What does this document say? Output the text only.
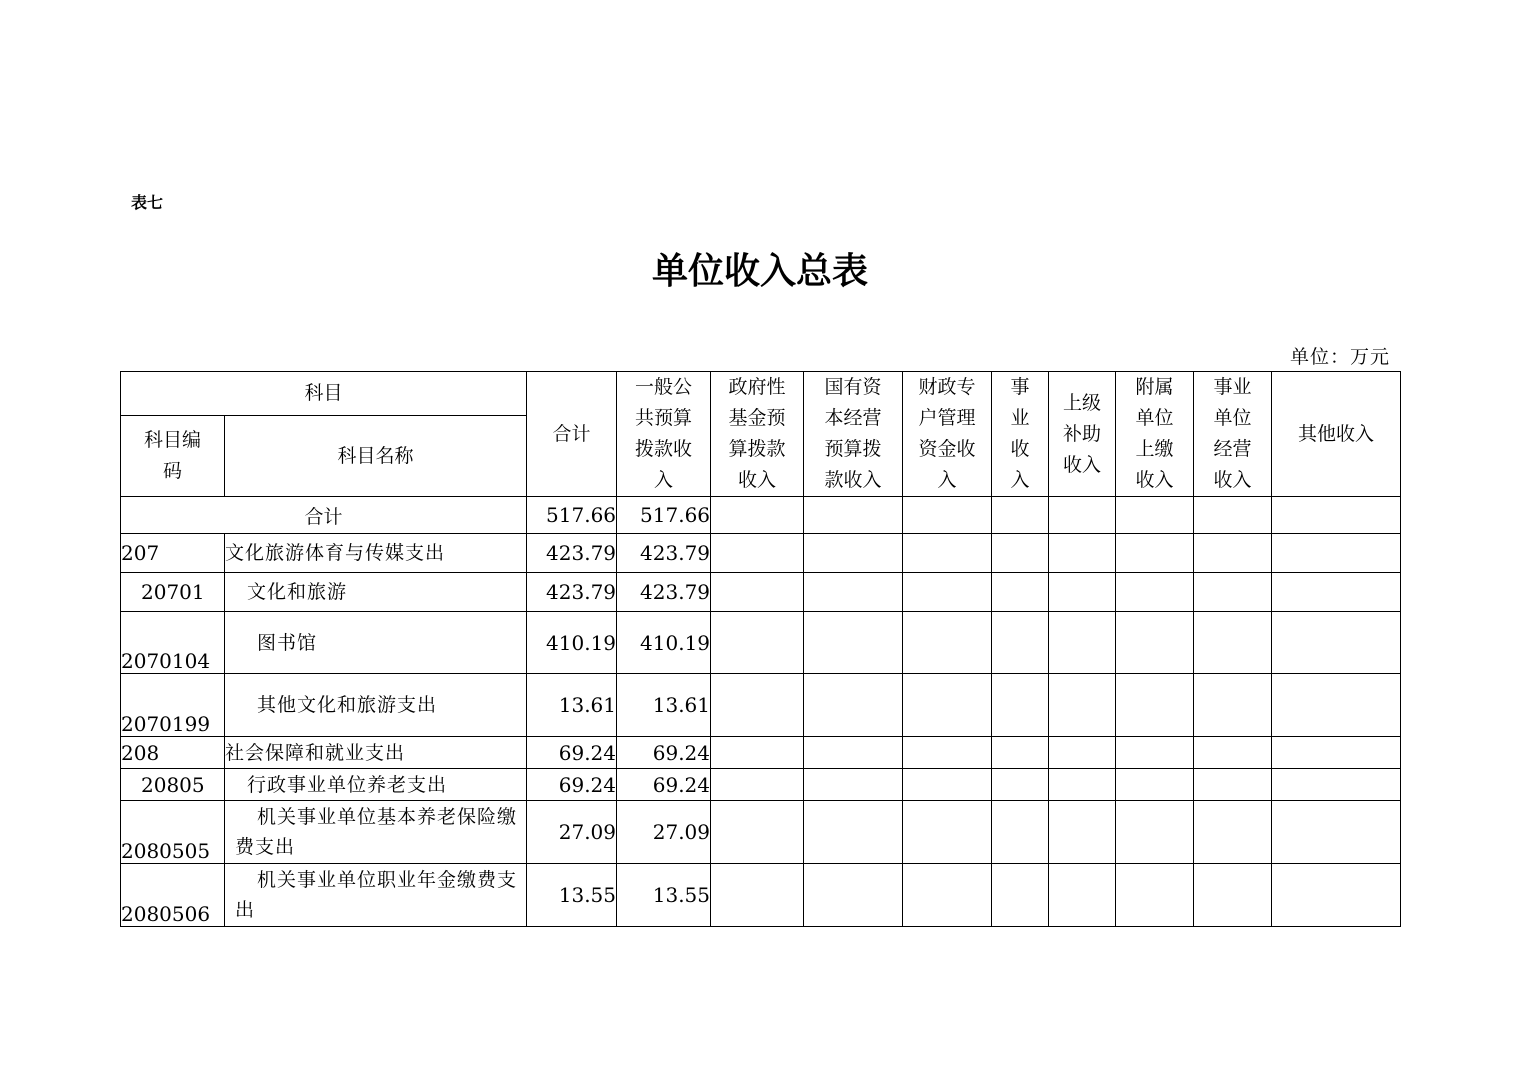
表七
单位收入总表
单位：万元
科目		合计	一般公共预算拨款收入	政府性基金预算拨款收入	国有资本经营预算拨款收入	财政专户管理资金收入	事业收入	上级补助收入	附属单位上缴收入	事业单位经营收入	其他收入
科目编码	科目名称										
合计		517.66	517.66								
207	文化旅游体育与传媒支出	423.79	423.79								
20701	文化和旅游	423.79	423.79								
2070104	图书馆	410.19	410.19								
2070199	其他文化和旅游支出	13.61	13.61								
208	社会保障和就业支出	69.24	69.24								
20805	行政事业单位养老支出	69.24	69.24								
2080505	机关事业单位基本养老保险缴费支出	27.09	27.09								
2080506	机关事业单位职业年金缴费支出	13.55	13.55								
